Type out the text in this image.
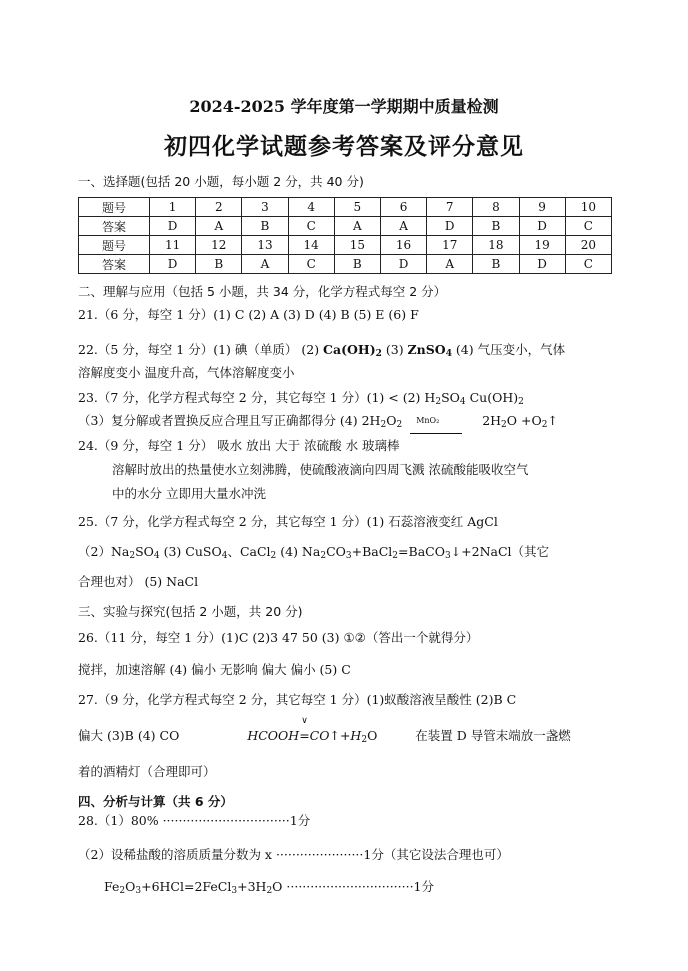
2024-2025 学年度第一学期期中质量检测
初四化学试题参考答案及评分意见
一、选择题(包括 20 小题，每小题 2 分，共 40 分)
题号	1	2	3	4	5	6	7	8	9	10
答案	D	A	B	C	A	A	D	B	D	C
题号	11	12	13	14	15	16	17	18	19	20
答案	D	B	A	C	B	D	A	B	D	C
二、理解与应用（包括 5 小题，共 34 分，化学方程式每空 2 分）
21.（6 分，每空 1 分）(1) C (2) A (3) D (4) B (5) E (6) F
22.（5 分，每空 1 分）(1) 碘（单质） (2) $Ca(OH)_2$ (3) ZnSO$_4$ (4) 气压变小，气体
溶解度变小 温度升高，气体溶解度变小
23.（7 分，化学方程式每空 2 分，其它每空 1 分）(1) < (2) $H_2SO_4$ $Cu(OH)_2$
（3）复分解或者置换反应合理且写正确都得分 (4) $2H_2O_2$ MnO₂	$2H_2O$ $+O_2↑$
24.（9 分，每空 1 分） 吸水 放出 大于 浓硫酸 水 玻璃棒
溶解时放出的热量使水立刻沸腾，使硫酸液滴向四周飞溅 浓硫酸能吸收空气
中的水分 立即用大量水冲洗
25.（7 分，化学方程式每空 2 分，其它每空 1 分）(1) 石蕊溶液变红 AgCl
$(2)Na_2SO_4$ (3) CuSO$_4$、CaCl$_2$ (4) $Na_2CO_3+BaCl_2=BaCO_3↓+2NaCl$（其它
合理也对） (5) NaCl
三、实验与探究(包括 2 小题，共 20 分)
26.（11 分，每空 1 分）(1)C (2)3 47 50 (3) ①②（答出一个就得分）
搅拌，加速溶解 (4) 偏小 无影响 偏大 偏小 (5) C
27.（9 分，化学方程式每空 2 分，其它每空 1 分）(1)蚁酸溶液呈酸性 (2)B C
偏大 (3)B (4) CO	HCOOH
∨
$=CO↑+H_2O$	在装置 D 导管末端放一盏燃
着的酒精灯（合理即可）
四、分析与计算（共 6 分）
28.（1）80% ································1分
（2）设稀盐酸的溶质质量分数为 x ······················1分（其它设法合理也可）
$Fe_2O_3+6HCl=2FeCl_3+3H_2O \cdot\cdot\cdot\cdot\cdot\cdot\cdot\cdot\cdot\cdot\cdot\cdot\cdot\cdot\cdot\cdot\cdot\cdot\cdot\cdot\cdot\cdot\cdot\cdot\cdot\cdot\cdot\cdot\cdot\cdot\cdot\cdot 1$分
